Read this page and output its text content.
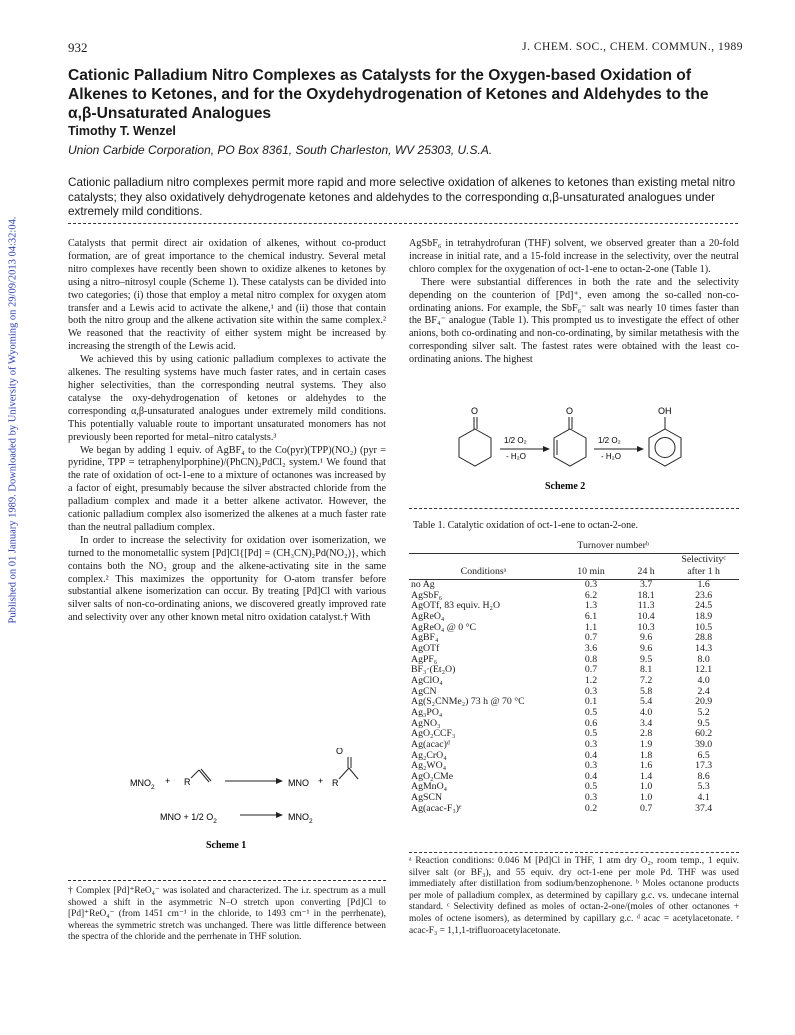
Published on 01 January 1989. Downloaded by University of Wyoming on 29/09/2013 04:32:04.
932	J. CHEM. SOC., CHEM. COMMUN., 1989
Cationic Palladium Nitro Complexes as Catalysts for the Oxygen-based Oxidation of Alkenes to Ketones, and for the Oxydehydrogenation of Ketones and Aldehydes to the α,β-Unsaturated Analogues
Timothy T. Wenzel
Union Carbide Corporation, PO Box 8361, South Charleston, WV 25303, U.S.A.
Cationic palladium nitro complexes permit more rapid and more selective oxidation of alkenes to ketones than existing metal nitro catalysts; they also oxidatively dehydrogenate ketones and aldehydes to the corresponding α,β-unsaturated analogues under extremely mild conditions.

Catalysts that permit direct air oxidation of alkenes, without co-product formation, are of great importance to the chemical industry. Several metal nitro complexes have recently been shown to oxidize alkenes to ketones by using a nitro–nitrosyl couple (Scheme 1). These catalysts can be divided into two categories; (i) those that employ a metal nitro complex for oxygen atom transfer and a Lewis acid to activate the alkene,¹ and (ii) those that contain both the nitro group and the alkene activation site within the same complex.² We reasoned that the reactivity of either system might be increased by increasing the strength of the Lewis acid.

We achieved this by using cationic palladium complexes to activate the alkenes. The resulting systems have much faster rates, and in certain cases higher selectivities, than the corresponding neutral systems. They also catalyse the oxy-dehydrogenation of ketones or aldehydes to the corresponding α,β-unsaturated analogues under extremely mild conditions. This potentially valuable route to important unsaturated monomers has not previously been reported for metal–nitro catalysts.³

We began by adding 1 equiv. of AgBF₄ to the Co(pyr)(TPP)(NO₂) (pyr = pyridine, TPP = tetraphenylporphine)/(PhCN)₂PdCl₂ system.¹ We found that the rate of oxidation of oct-1-ene to a mixture of octanones was increased by a factor of eight, presumably because the silver abstracted chloride from the palladium complex and made it a better alkene activator. However, the cationic palladium complex also isomerized the alkenes at a much faster rate than the neutral palladium complex.

In order to increase the selectivity for oxidation over isomerization, we turned to the monometallic system [Pd]Cl{[Pd] = (CH₃CN)₂Pd(NO₂)}, which contains both the NO₂ group and the alkene-activating site in the same complex.² This maximizes the opportunity for O-atom transfer before substantial alkene isomerization can occur. By treating [Pd]Cl with various silver salts of non-co-ordinating anions, we discovered greatly improved rate and selectivity over any other known metal nitro oxidation catalyst.† With

$MNO_2$
+ R	MNO + R
O
MNO + 1/2 $O_2$	$MNO_2$
Scheme 1
† Complex [Pd]⁺ReO₄⁻ was isolated and characterized. The i.r. spectrum as a mull showed a shift in the asymmetric N–O stretch upon converting [Pd]Cl to [Pd]⁺ReO₄⁻ (from 1451 cm⁻¹ in the chloride, to 1493 cm⁻¹ in the perrhenate), whereas the symmetric stretch was unchanged. There was little difference between the spectra of the chloride and the perrhenate in THF solution.

AgSbF₆ in tetrahydrofuran (THF) solvent, we observed greater than a 20-fold increase in initial rate, and a 15-fold increase in the selectivity, over the neutral chloro complex for the oxygenation of oct-1-ene to octan-2-one (Table 1).

There were substantial differences in both the rate and the selectivity depending on the counterion of [Pd]⁺, even among the so-called non-co-ordinating anions. For example, the SbF₆⁻ salt was nearly 10 times faster than the BF₄⁻ analogue (Table 1). This prompted us to investigate the effect of other anions, both co-ordinating and non-co-ordinating, by similar metathesis with the corresponding silver salt. The fastest rates were obtained with the least co-ordinating anions. The highest

O
1/2 O₂
- H₂O
O
1/2 O₂
- H₂O
OH
Scheme 2
Table 1. Catalytic oxidation of oct-1-ene to octan-2-one.
	Turnover numberᵇ		

			Selectivityᶜ
Conditionsᵃ	10 min	24 h	after 1 h

no Ag	0.3	3.7	1.6
AgSbF₆	6.2	18.1	23.6
AgOTf, 83 equiv. H₂O	1.3	11.3	24.5
AgReO₄	6.1	10.4	18.9
AgReO₄ @ 0 °C	1.1	10.3	10.5
AgBF₄	0.7	9.6	28.8
AgOTf	3.6	9.6	14.3
AgPF₆	0.8	9.5	8.0
BF₃·(Et₂O)	0.7	8.1	12.1
AgClO₄	1.2	7.2	4.0
AgCN	0.3	5.8	2.4
Ag(S₂CNMe₂) 73 h @ 70 °C	0.1	5.4	20.9
Ag₃PO₄	0.5	4.0	5.2
AgNO₃	0.6	3.4	9.5
AgO₂CCF₃	0.5	2.8	60.2
Ag(acac)ᵈ	0.3	1.9	39.0
Ag₂CrO₄	0.4	1.8	6.5
Ag₂WO₄	0.3	1.6	17.3
AgO₂CMe	0.4	1.4	8.6
AgMnO₄	0.5	1.0	5.3
AgSCN	0.3	1.0	4.1
Ag(acac-F₃)ᵉ	0.2	0.7	37.4
ᵃ Reaction conditions: 0.046 M [Pd]Cl in THF, 1 atm dry O₂, room temp., 1 equiv. silver salt (or BF₃), and 55 equiv. dry oct-1-ene per mole Pd. THF was used immediately after distillation from sodium/benzophenone. ᵇ Moles octanone products per mole of palladium complex, as determined by capillary g.c. vs. undecane internal standard. ᶜ Selectivity defined as moles of octan-2-one/(moles of other octanones + moles of octene isomers), as determined by capillary g.c. ᵈ acac = acetylacetonate. ᵉ acac-F₃ = 1,1,1-trifluoroacetylacetonate.
